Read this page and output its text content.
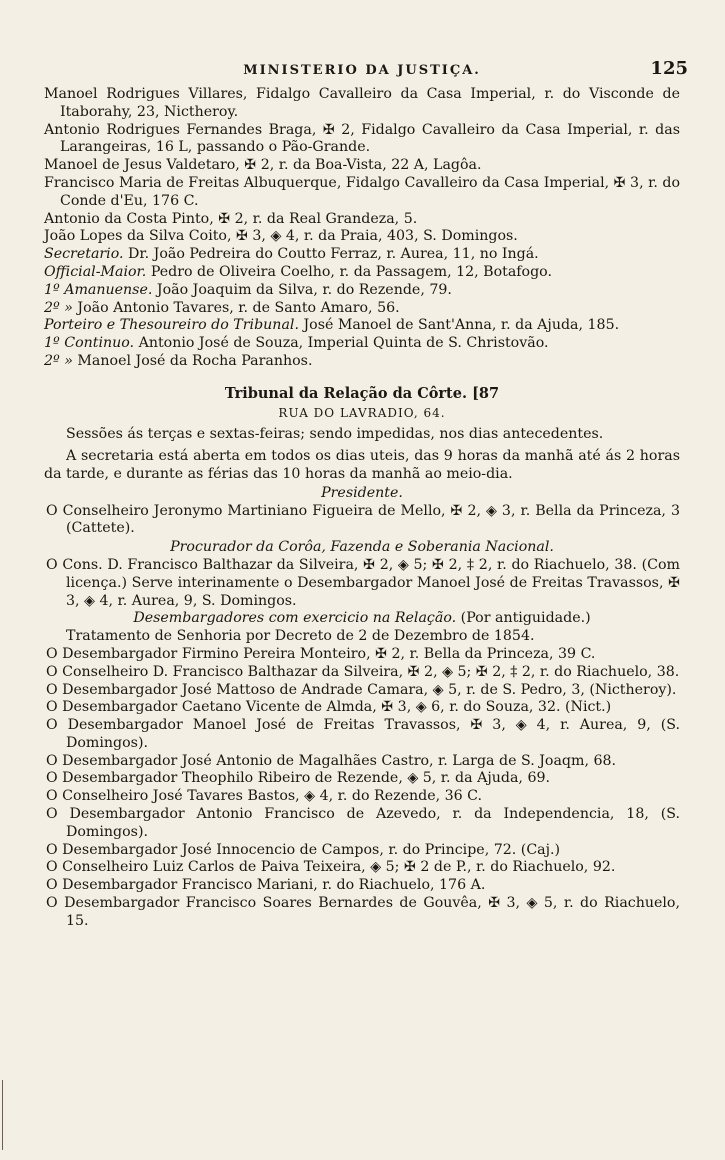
MINISTERIO DA JUSTIÇA.	125
Manoel Rodrigues Villares, Fidalgo Cavalleiro da Casa Imperial, r. do Visconde de Itaborahy, 23, Nictheroy.
Antonio Rodrigues Fernandes Braga, ✠ 2, Fidalgo Cavalleiro da Casa Imperial, r. das Larangeiras, 16 L, passando o Pão-Grande.
Manoel de Jesus Valdetaro, ✠ 2, r. da Boa-Vista, 22 A, Lagôa.
Francisco Maria de Freitas Albuquerque, Fidalgo Cavalleiro da Casa Imperial, ✠ 3, r. do Conde d'Eu, 176 C.
Antonio da Costa Pinto, ✠ 2, r. da Real Grandeza, 5.
João Lopes da Silva Coito, ✠ 3, ◈ 4, r. da Praia, 403, S. Domingos.
Secretario. Dr. João Pedreira do Coutto Ferraz, r. Aurea, 11, no Ingá.
Official-Maior. Pedro de Oliveira Coelho, r. da Passagem, 12, Botafogo.
1º Amanuense. João Joaquim da Silva, r. do Rezende, 79.
2º » João Antonio Tavares, r. de Santo Amaro, 56.
Porteiro e Thesoureiro do Tribunal. José Manoel de Sant'Anna, r. da Ajuda, 185.
1º Continuo. Antonio José de Souza, Imperial Quinta de S. Christovão.
2º » Manoel José da Rocha Paranhos.
Tribunal da Relação da Côrte. [87
RUA DO LAVRADIO, 64.
Sessões ás terças e sextas-feiras; sendo impedidas, nos dias antecedentes.
A secretaria está aberta em todos os dias uteis, das 9 horas da manhã até ás 2 horas da tarde, e durante as férias das 10 horas da manhã ao meio-dia.
Presidente.
O Conselheiro Jeronymo Martiniano Figueira de Mello, ✠ 2, ◈ 3, r. Bella da Princeza, 3 (Cattete).
Procurador da Corôa, Fazenda e Soberania Nacional.
O Cons. D. Francisco Balthazar da Silveira, ✠ 2, ◈ 5; ✠ 2, ‡ 2, r. do Riachuelo, 38. (Com licença.) Serve interinamente o Desembargador Manoel José de Freitas Travassos, ✠ 3, ◈ 4, r. Aurea, 9, S. Domingos.
Desembargadores com exercicio na Relação. (Por antiguidade.)
Tratamento de Senhoria por Decreto de 2 de Dezembro de 1854.
O Desembargador Firmino Pereira Monteiro, ✠ 2, r. Bella da Princeza, 39 C.
O Conselheiro D. Francisco Balthazar da Silveira, ✠ 2, ◈ 5; ✠ 2, ‡ 2, r. do Riachuelo, 38.
O Desembargador José Mattoso de Andrade Camara, ◈ 5, r. de S. Pedro, 3, (Nictheroy).
O Desembargador Caetano Vicente de Almda, ✠ 3, ◈ 6, r. do Souza, 32. (Nict.)
O Desembargador Manoel José de Freitas Travassos, ✠ 3, ◈ 4, r. Aurea, 9, (S. Domingos).
O Desembargador José Antonio de Magalhães Castro, r. Larga de S. Joaqm, 68.
O Desembargador Theophilo Ribeiro de Rezende, ◈ 5, r. da Ajuda, 69.
O Conselheiro José Tavares Bastos, ◈ 4, r. do Rezende, 36 C.
O Desembargador Antonio Francisco de Azevedo, r. da Independencia, 18, (S. Domingos).
O Desembargador José Innocencio de Campos, r. do Principe, 72. (Caj.)
O Conselheiro Luiz Carlos de Paiva Teixeira, ◈ 5; ✠ 2 de P., r. do Riachuelo, 92.
O Desembargador Francisco Mariani, r. do Riachuelo, 176 A.
O Desembargador Francisco Soares Bernardes de Gouvêa, ✠ 3, ◈ 5, r. do Riachuelo, 15.
